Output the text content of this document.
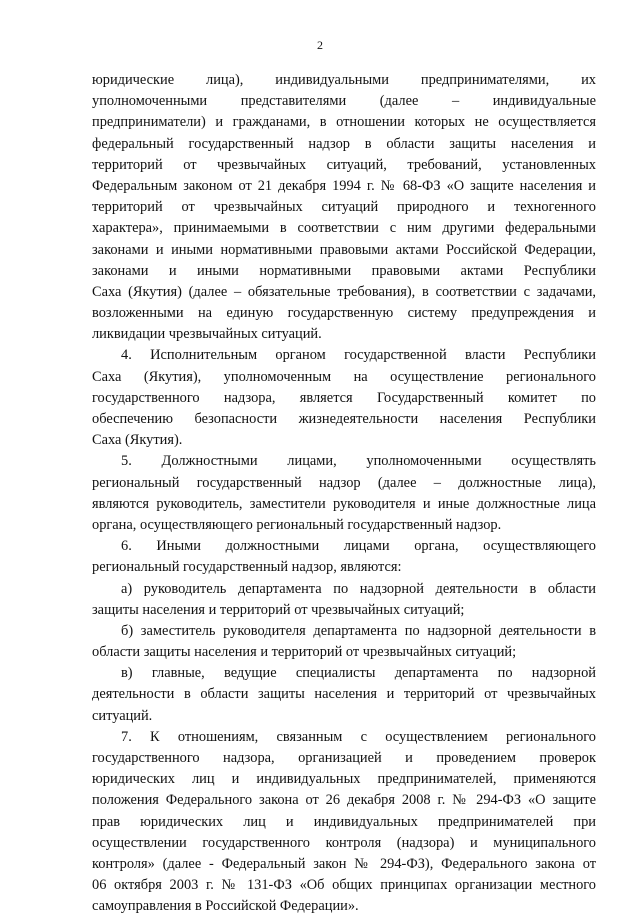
2
юридические лица), индивидуальными предпринимателями, их
уполномоченными представителями (далее – индивидуальные
предприниматели) и гражданами, в отношении которых не осуществляется
федеральный государственный надзор в области защиты населения и
территорий от чрезвычайных ситуаций, требований, установленных
Федеральным законом от 21 декабря 1994 г. № 68-ФЗ «О защите населения и
территорий от чрезвычайных ситуаций природного и техногенного
характера», принимаемыми в соответствии с ним другими федеральными
законами и иными нормативными правовыми актами Российской Федерации,
законами и иными нормативными правовыми актами Республики
Саха (Якутия) (далее – обязательные требования), в соответствии с задачами,
возложенными на единую государственную систему предупреждения и
ликвидации чрезвычайных ситуаций.
4. Исполнительным органом государственной власти Республики
Саха (Якутия), уполномоченным на осуществление регионального
государственного надзора, является Государственный комитет по
обеспечению безопасности жизнедеятельности населения Республики
Саха (Якутия).
5. Должностными лицами, уполномоченными осуществлять
региональный государственный надзор (далее – должностные лица),
являются руководитель, заместители руководителя и иные должностные лица
органа, осуществляющего региональный государственный надзор.
6. Иными должностными лицами органа, осуществляющего
региональный государственный надзор, являются:
а) руководитель департамента по надзорной деятельности в области
защиты населения и территорий от чрезвычайных ситуаций;
б) заместитель руководителя департамента по надзорной деятельности в
области защиты населения и территорий от чрезвычайных ситуаций;
в) главные, ведущие специалисты департамента по надзорной
деятельности в области защиты населения и территорий от чрезвычайных
ситуаций.
7. К отношениям, связанным с осуществлением регионального
государственного надзора, организацией и проведением проверок
юридических лиц и индивидуальных предпринимателей, применяются
положения Федерального закона от 26 декабря 2008 г. № 294-ФЗ «О защите
прав юридических лиц и индивидуальных предпринимателей при
осуществлении государственного контроля (надзора) и муниципального
контроля» (далее - Федеральный закон № 294-ФЗ), Федерального закона от
06 октября 2003 г. № 131-ФЗ «Об общих принципах организации местного
самоуправления в Российской Федерации».
